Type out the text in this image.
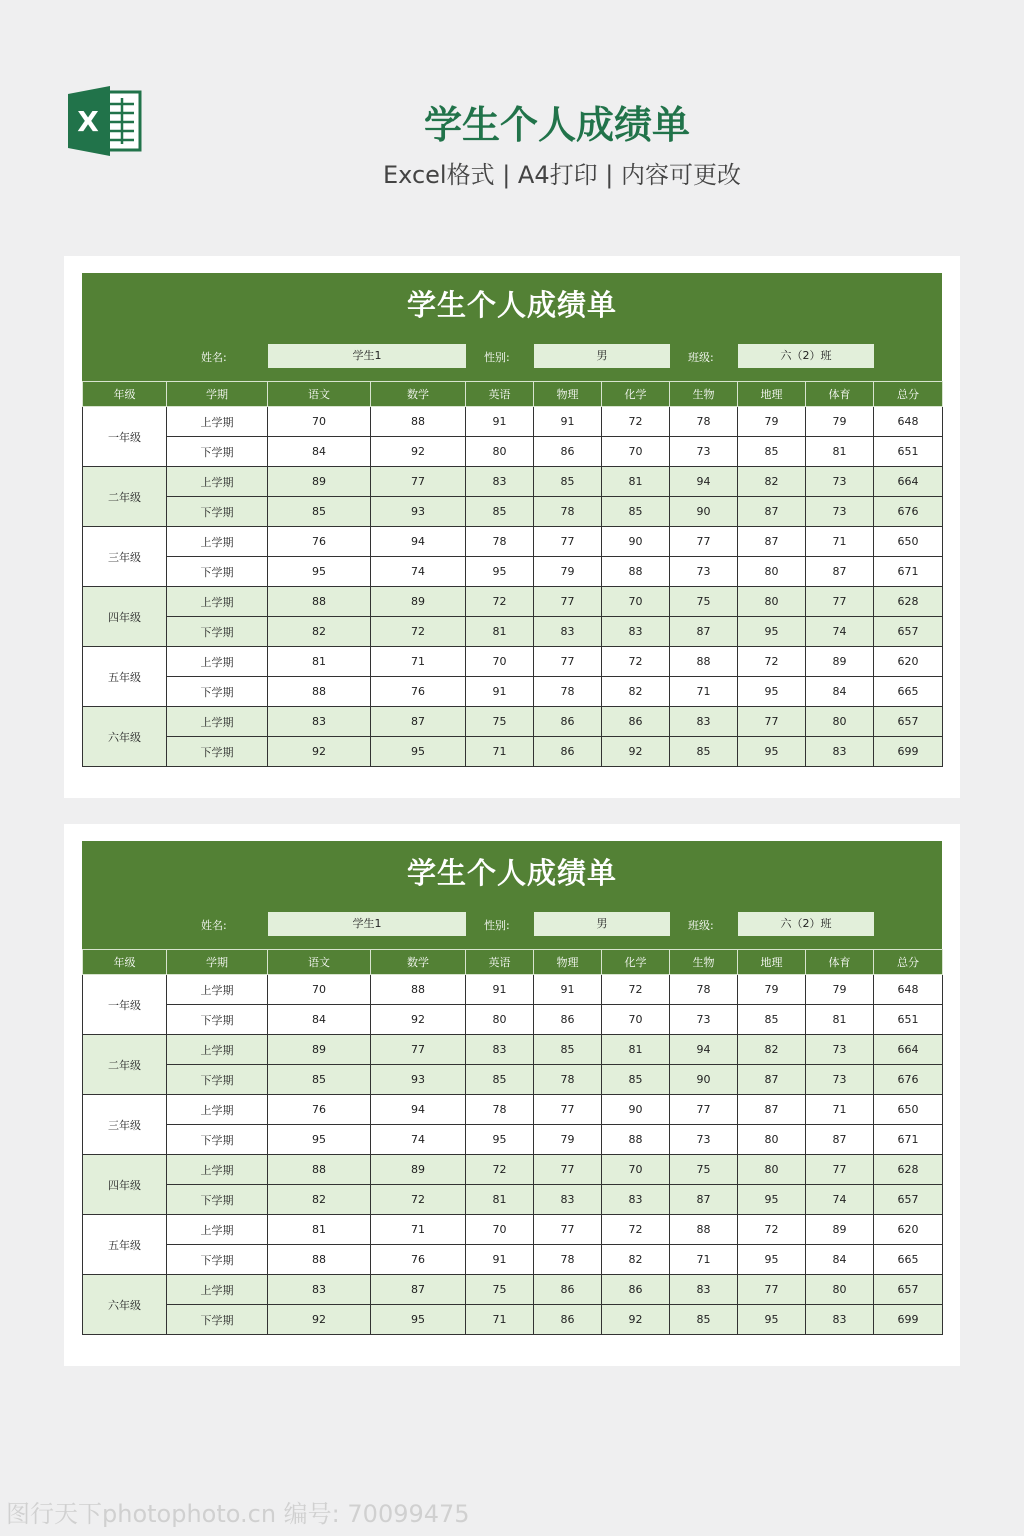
X	学生个人成绩单
Excel格式 | A4打印 | 内容可更改
学生个人成绩单
姓名:	学生1	性别:	男	班级:	六（2）班
年级	学期	语文	数学	英语	物理	化学	生物	地理	体育	总分
一年级	上学期	70	88	91	91	72	78	79	79	648
	下学期	84	92	80	86	70	73	85	81	651
二年级	上学期	89	77	83	85	81	94	82	73	664
	下学期	85	93	85	78	85	90	87	73	676
三年级	上学期	76	94	78	77	90	77	87	71	650
	下学期	95	74	95	79	88	73	80	87	671
四年级	上学期	88	89	72	77	70	75	80	77	628
	下学期	82	72	81	83	83	87	95	74	657
五年级	上学期	81	71	70	77	72	88	72	89	620
	下学期	88	76	91	78	82	71	95	84	665
六年级	上学期	83	87	75	86	86	83	77	80	657
	下学期	92	95	71	86	92	85	95	83	699
学生个人成绩单
姓名:	学生1	性别:	男	班级:	六（2）班
年级	学期	语文	数学	英语	物理	化学	生物	地理	体育	总分
一年级	上学期	70	88	91	91	72	78	79	79	648
	下学期	84	92	80	86	70	73	85	81	651
二年级	上学期	89	77	83	85	81	94	82	73	664
	下学期	85	93	85	78	85	90	87	73	676
三年级	上学期	76	94	78	77	90	77	87	71	650
	下学期	95	74	95	79	88	73	80	87	671
四年级	上学期	88	89	72	77	70	75	80	77	628
	下学期	82	72	81	83	83	87	95	74	657
五年级	上学期	81	71	70	77	72	88	72	89	620
	下学期	88	76	91	78	82	71	95	84	665
六年级	上学期	83	87	75	86	86	83	77	80	657
	下学期	92	95	71	86	92	85	95	83	699
图行天下photophoto.cn 编号: 70099475
